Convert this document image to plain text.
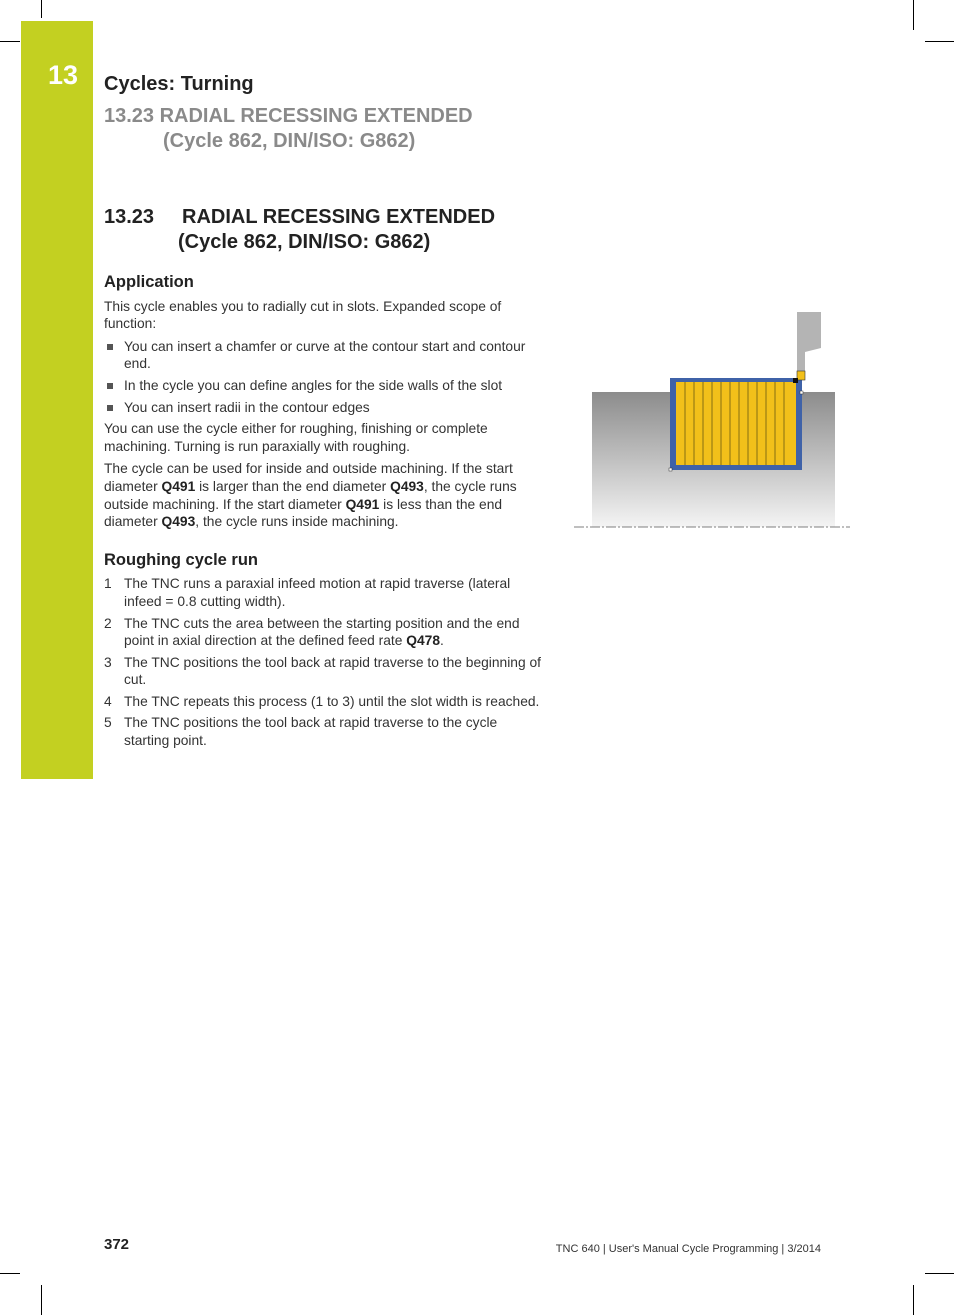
13 Cycles: Turning
13.23 RADIAL RECESSING EXTENDED
(Cycle 862, DIN/ISO: G862)
13.23 RADIAL RECESSING EXTENDED
(Cycle 862, DIN/ISO: G862)
Application

This cycle enables you to radially cut in slots. Expanded scope of function:

You can insert a chamfer or curve at the contour start and contour end.
In the cycle you can define angles for the side walls of the slot
You can insert radii in the contour edges

You can use the cycle either for roughing, finishing or complete machining. Turning is run paraxially with roughing.

The cycle can be used for inside and outside machining. If the start diameter Q491 is larger than the end diameter Q493, the cycle runs outside machining. If the start diameter Q491 is less than the end diameter Q493, the cycle runs inside machining.

Roughing cycle run
1 The TNC runs a paraxial infeed motion at rapid traverse (lateral infeed = 0.8 cutting width).
2 The TNC cuts the area between the starting position and the end point in axial direction at the defined feed rate Q478.
3 The TNC positions the tool back at rapid traverse to the beginning of cut.
4 The TNC repeats this process (1 to 3) until the slot width is reached.
5 The TNC positions the tool back at rapid traverse to the cycle starting point.
372	TNC 640 | User's Manual Cycle Programming | 3/2014
